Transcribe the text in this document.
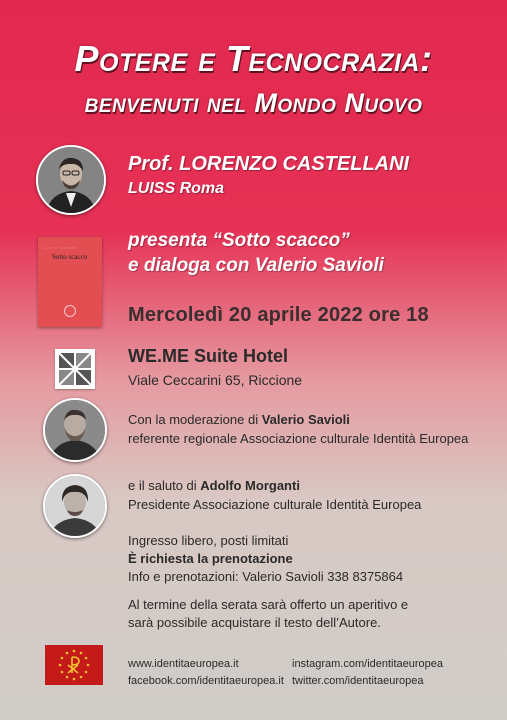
Potere e Tecnocrazia:
benvenuti nel Mondo Nuovo
Prof. LORENZO CASTELLANI
LUISS Roma
Lorenzo Castellani
Sotto scacco
presenta “Sotto scacco”
e dialoga con Valerio Savioli
Mercoledì 20 aprile 2022 ore 18
WE.ME Suite Hotel
Viale Ceccarini 65, Riccione
Con la moderazione di Valerio Savioli
referente regionale Associazione culturale Identità Europea
e il saluto di Adolfo Morganti
Presidente Associazione culturale Identità Europea
Ingresso libero, posti limitati
È richiesta la prenotazione
Info e prenotazioni: Valerio Savioli 338 8375864
Al termine della serata sarà offerto un aperitivo e
sarà possibile acquistare il testo dell’Autore.
www.identitaeuropea.it
facebook.com/identitaeuropea.it
instagram.com/identitaeuropea
twitter.com/identitaeuropea
